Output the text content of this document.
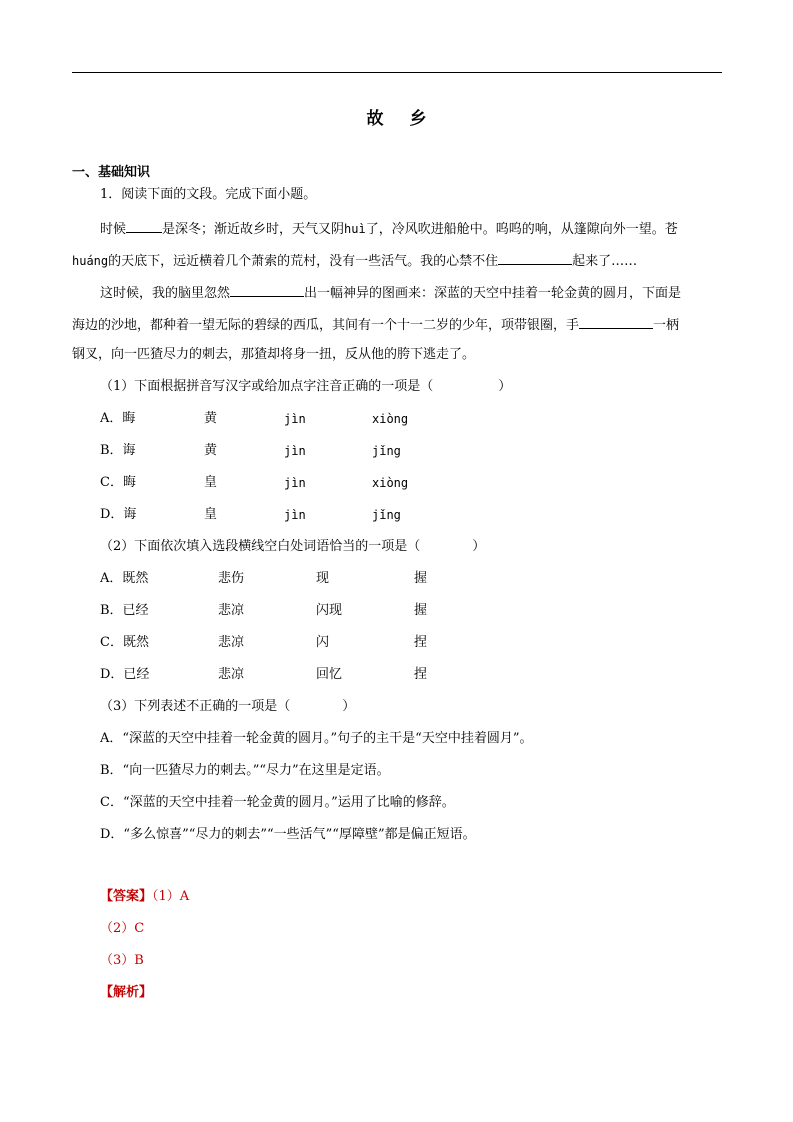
故乡
一、基础知识
1．阅读下面的文段。完成下面小题。
时候	是深冬；渐近故乡时，天气又阴huì了，冷风吹进船舱中。呜呜的响，从篷隙向外一望。苍
huáng的天底下，远近横着几个萧索的荒村，没有一些活气。我的心禁不住	起来了……
这时候，我的脑里忽然	出一幅神异的图画来：深蓝的天空中挂着一轮金黄的圆月，下面是
海边的沙地，都种着一望无际的碧绿的西瓜，其间有一个十一二岁的少年，项带银圈，手	一柄
钢叉，向一匹猹尽力的刺去，那猹却将身一扭，反从他的胯下逃走了。
（1）下面根据拼音写汉字或给加点字注音正确的一项是（　　　　　）
A．晦	黄	jìn	xiòng
B．诲	黄	jìn	jǐng
C．晦	皇	jìn	xiòng
D．诲	皇	jìn	jǐng
（2）下面依次填入选段横线空白处词语恰当的一项是（　　　　）
A．既然	悲伤	现	握
B．已经	悲凉	闪现	握
C．既然	悲凉	闪	捏
D．已经	悲凉	回忆	捏
（3）下列表述不正确的一项是（　　　　）
A．“深蓝的天空中挂着一轮金黄的圆月。”句子的主干是“天空中挂着圆月”。
B．“向一匹猹尽力的刺去。”“尽力”在这里是定语。
C．“深蓝的天空中挂着一轮金黄的圆月。”运用了比喻的修辞。
D．“多么惊喜”“尽力的刺去”“一些活气”“厚障壁”都是偏正短语。
【答案】（1）A
（2）C
（3）B
【解析】
